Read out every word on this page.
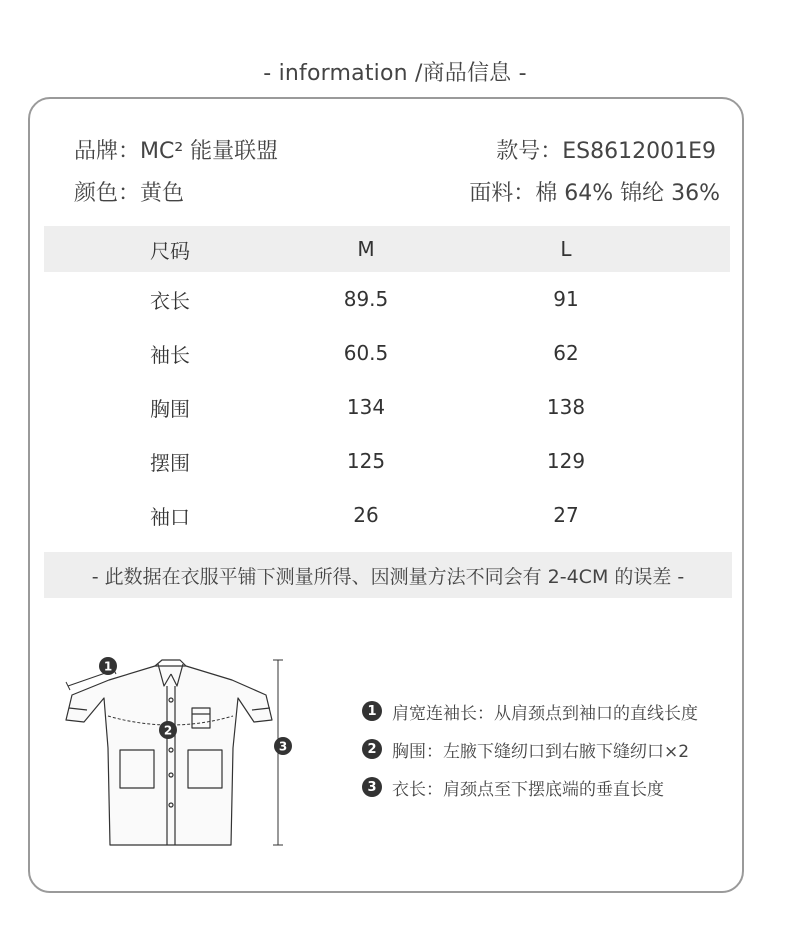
- information /商品信息 -
品牌：MC² 能量联盟	款号：ES8612001E9
颜色：黄色	面料：棉 64% 锦纶 36%
尺码	M	L
衣长	89.5	91
袖长	60.5	62
胸围	134	138
摆围	125	129
袖口	26	27
- 此数据在衣服平铺下测量所得、因测量方法不同会有 2-4CM 的误差 -
1
2
3
1 肩宽连袖长：从肩颈点到袖口的直线长度
2 胸围：左腋下缝纫口到右腋下缝纫口×2
3 衣长：肩颈点至下摆底端的垂直长度
